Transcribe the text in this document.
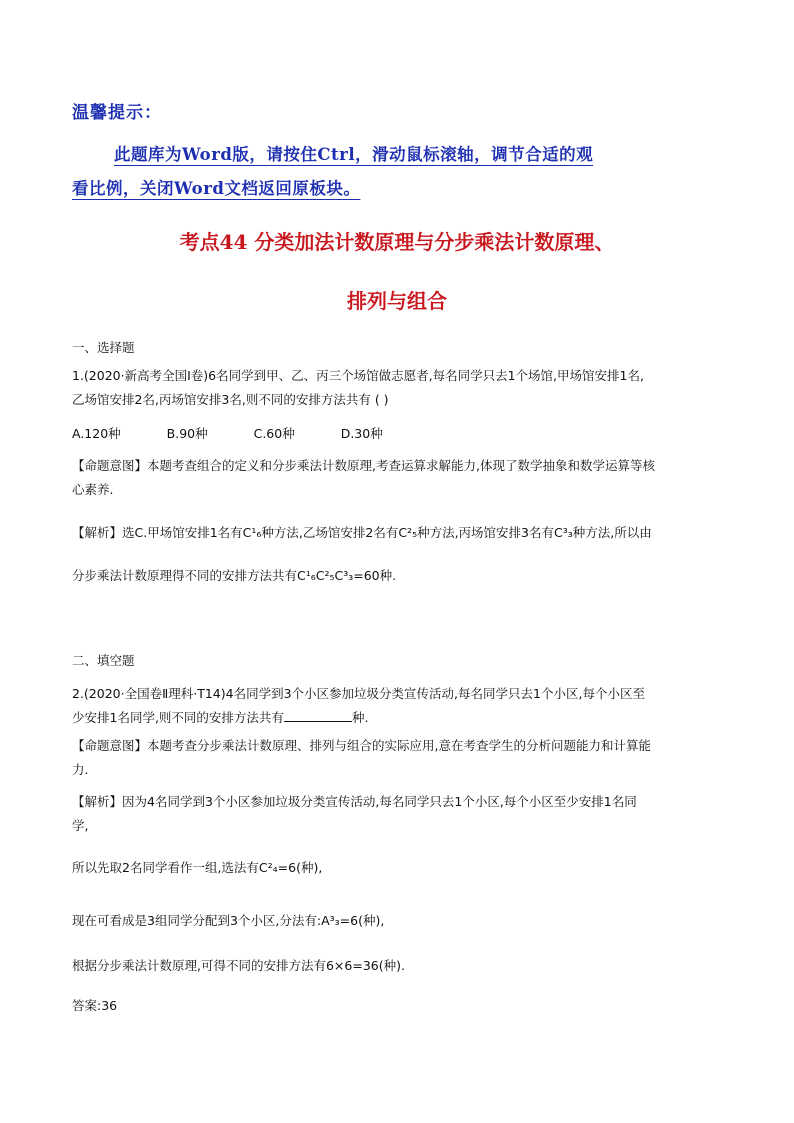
温馨提示：
此题库为Word版，请按住Ctrl，滑动鼠标滚轴，调节合适的观
看比例，关闭Word文档返回原板块。
考点44 分类加法计数原理与分步乘法计数原理、
排列与组合
一、选择题
1.(2020·新高考全国Ⅰ卷)6名同学到甲、乙、丙三个场馆做志愿者,每名同学只去1个场馆,甲场馆安排1名,
乙场馆安排2名,丙场馆安排3名,则不同的安排方法共有 ( )
A.120种	B.90种	C.60种	D.30种
【命题意图】本题考查组合的定义和分步乘法计数原理,考查运算求解能力,体现了数学抽象和数学运算等核
心素养.
【解析】选C.甲场馆安排1名有C¹₆种方法,乙场馆安排2名有C²₅种方法,丙场馆安排3名有C³₃种方法,所以由
分步乘法计数原理得不同的安排方法共有C¹₆C²₅C³₃=60种.
二、填空题
2.(2020·全国卷Ⅱ理科·T14)4名同学到3个小区参加垃圾分类宣传活动,每名同学只去1个小区,每个小区至
少安排1名同学,则不同的安排方法共有	种.
【命题意图】本题考查分步乘法计数原理、排列与组合的实际应用,意在考查学生的分析问题能力和计算能
力.
【解析】因为4名同学到3个小区参加垃圾分类宣传活动,每名同学只去1个小区,每个小区至少安排1名同
学,
所以先取2名同学看作一组,选法有C²₄=6(种),
现在可看成是3组同学分配到3个小区,分法有:A³₃=6(种),
根据分步乘法计数原理,可得不同的安排方法有6×6=36(种).
答案:36
